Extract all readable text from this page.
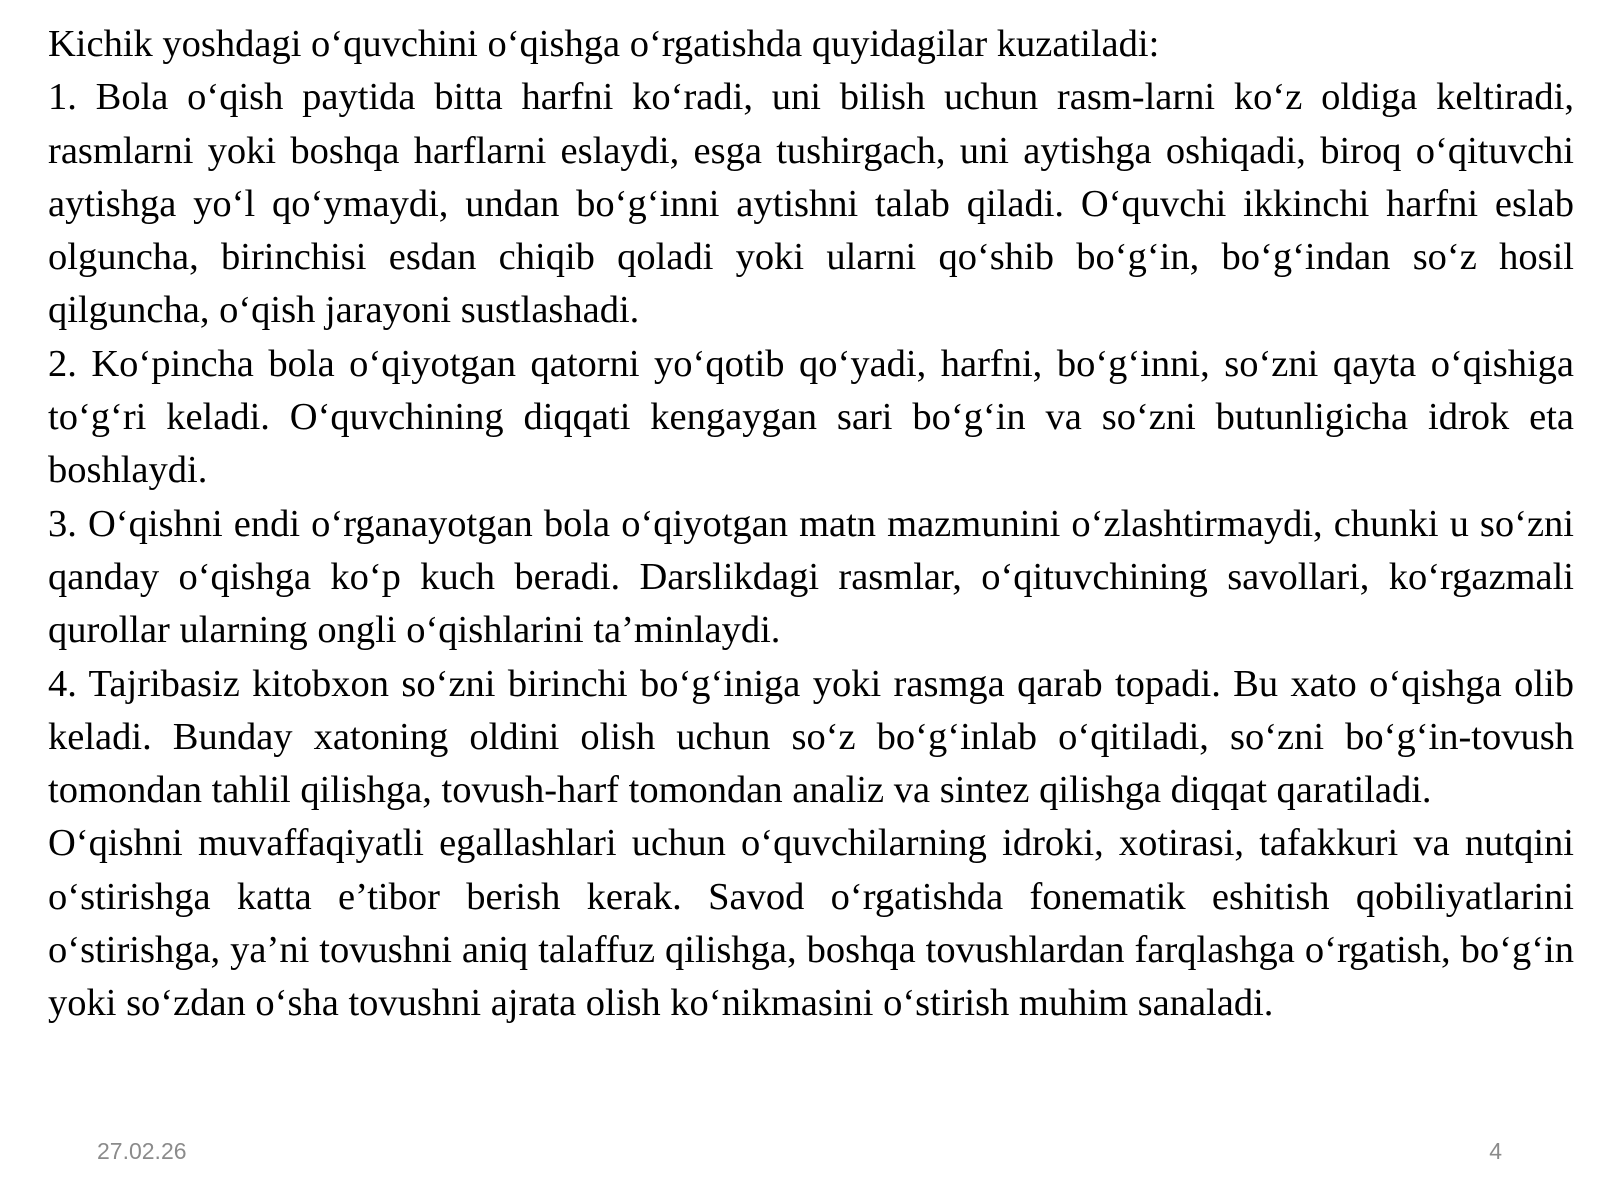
Kichik yoshdagi oʻquvchini oʻqishga oʻrgatishda quyidagilar kuzatiladi:

1. Bola oʻqish paytida bitta harfni koʻradi, uni bilish uchun rasm-larni koʻz oldiga keltiradi, rasmlarni yoki boshqa harflarni eslaydi, esga tushirgach, uni aytishga oshiqadi, biroq oʻqituvchi aytishga yoʻl qoʻymaydi, undan boʻgʻinni aytishni talab qiladi. Oʻquvchi ikkinchi harfni eslab olguncha, birinchisi esdan chiqib qoladi yoki ularni qoʻshib boʻgʻin, boʻgʻindan soʻz hosil qilguncha, oʻqish jarayoni sustlashadi.

2. Koʻpincha bola oʻqiyotgan qatorni yoʻqotib qoʻyadi, harfni, boʻgʻinni, soʻzni qayta oʻqishiga toʻgʻri keladi. Oʻquvchining diqqati kengaygan sari boʻgʻin va soʻzni butunligicha idrok eta boshlaydi.

3. Oʻqishni endi oʻrganayotgan bola oʻqiyotgan matn mazmunini oʻzlashtirmaydi, chunki u soʻzni qanday oʻqishga koʻp kuch beradi. Darslikdagi rasmlar, oʻqituvchining savollari, koʻrgazmali qurollar ularning ongli oʻqishlarini ta’minlaydi.

4. Tajribasiz kitobxon soʻzni birinchi boʻgʻiniga yoki rasmga qarab topadi. Bu xato oʻqishga olib keladi. Bunday xatoning oldini olish uchun soʻz boʻgʻinlab oʻqitiladi, soʻzni boʻgʻin-tovush tomondan tahlil qilishga, tovush-harf tomondan analiz va sintez qilishga diqqat qaratiladi.

Oʻqishni muvaffaqiyatli egallashlari uchun oʻquvchilarning idroki, xotirasi, tafakkuri va nutqini oʻstirishga katta e’tibor berish kerak. Savod oʻrgatishda fonematik eshitish qobiliyatlarini oʻstirishga, ya’ni tovushni aniq talaffuz qilishga, boshqa tovushlardan farqlashga oʻrgatish, boʻgʻin yoki soʻzdan oʻsha tovushni ajrata olish koʻnikmasini oʻstirish muhim sanaladi.

27.02.26	4
